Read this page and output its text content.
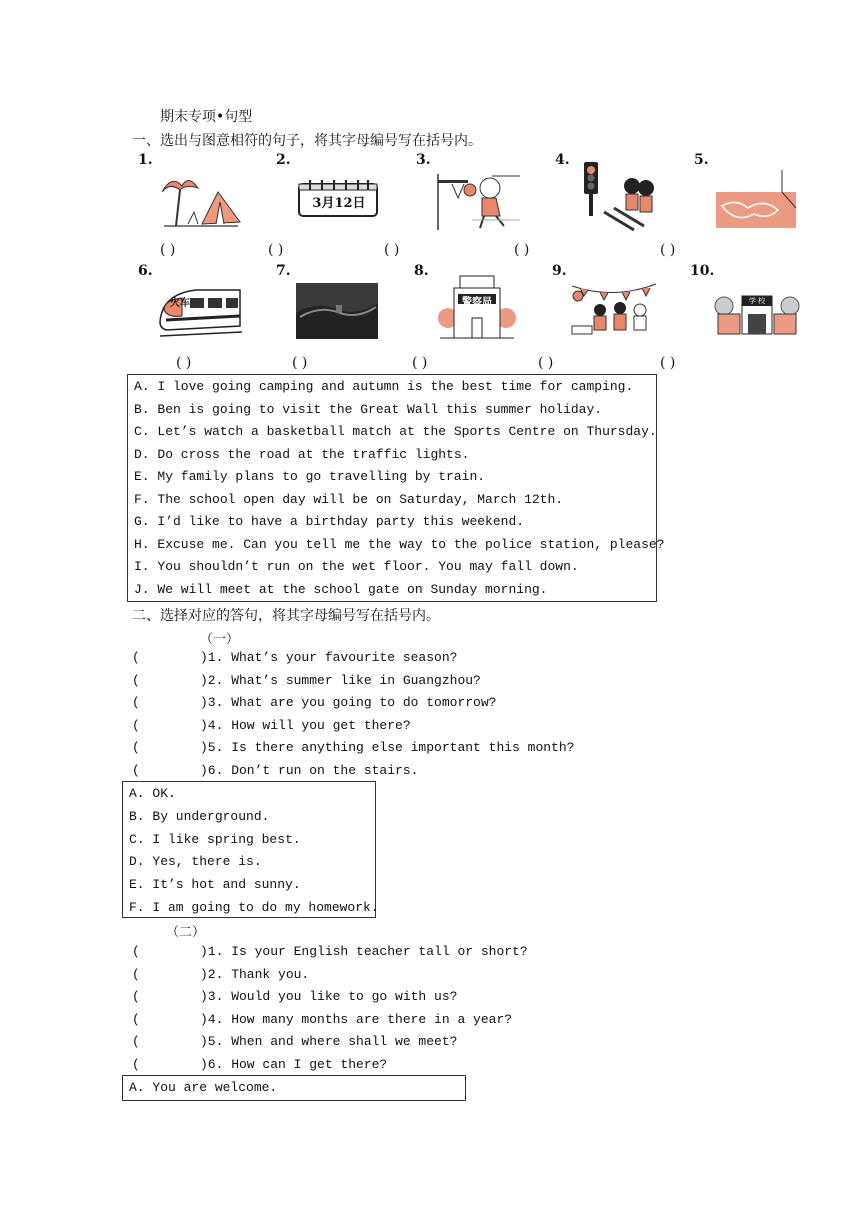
期末专项•句型
一、选出与图意相符的句子，将其字母编号写在括号内。
1.	2.	3.	4.	5.
3月12日
( )	( )	( )	( )	( )
6.	7.	8.	9.	10.
火车	警察局	学 校
( )	( )	( )	( )	( )
A. I love going camping and autumn is the best time for camping.
B. Ben is going to visit the Great Wall this summer holiday.
C. Let’s watch a basketball match at the Sports Centre on Thursday.
D. Do cross the road at the traffic lights.
E. My family plans to go travelling by train.
F. The school open day will be on Saturday, March 12th.
G. I’d like to have a birthday party this weekend.
H. Excuse me. Can you tell me the way to the police station, please?
I. You shouldn’t run on the wet floor. You may fall down.
J. We will meet at the school gate on Sunday morning.
二、选择对应的答句，将其字母编号写在括号内。
（一）
(	)1. What’s your favourite season?
(	)2. What’s summer like in Guangzhou?
(	)3. What are you going to do tomorrow?
(	)4. How will you get there?
(	)5. Is there anything else important this month?
(	)6. Don’t run on the stairs.
A. OK.
B. By underground.
C. I like spring best.
D. Yes, there is.
E. It’s hot and sunny.
F. I am going to do my homework.
（二）
(	)1. Is your English teacher tall or short?
(	)2. Thank you.
(	)3. Would you like to go with us?
(	)4. How many months are there in a year?
(	)5. When and where shall we meet?
(	)6. How can I get there?
A. You are welcome.
